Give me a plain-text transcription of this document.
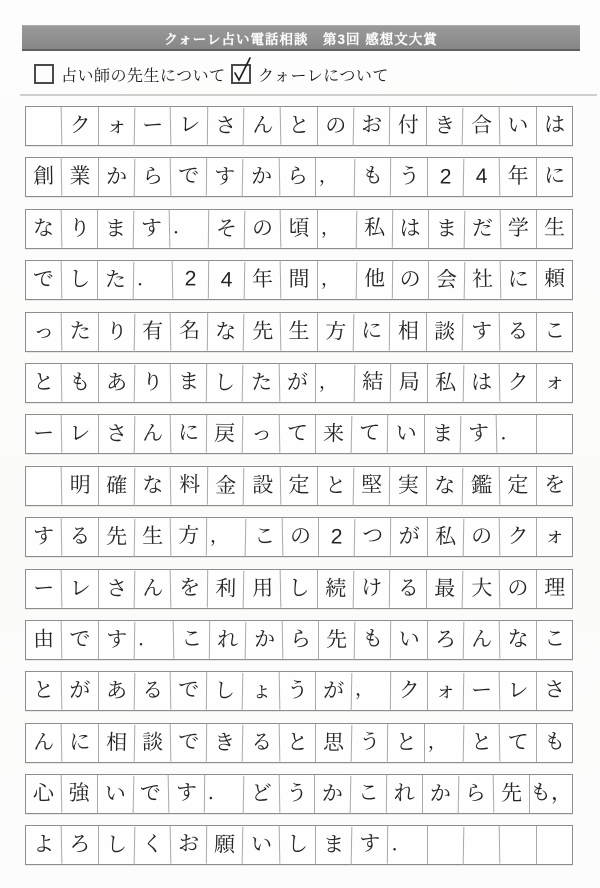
クォーレ占い電話相談　第3回 感想文大賞
占い師の先生について クォーレについて
ク ォ ー レ さ ん と の お 付 き 合 い は
創 業 か ら で す か ら ，	も う 2	4 年 に
な り ま す ．	そ の 頃 ，	私 は ま だ 学 生
で し た ．	2	4 年 間 ，	他 の 会 社 に 頼
っ た り 有 名 な 先 生 方 に 相 談 す る こ
と も あ り ま し た が ，	結 局 私 は ク ォ
ー レ さ ん に 戻 っ て 来 て い ま す ．
明 確 な 料 金 設 定 と 堅 実 な 鑑 定 を
す る 先 生 方 ，	こ の 2 つ が 私 の ク ォ
ー レ さ ん を 利 用 し 続 け る 最 大 の 理
由 で す ．	こ れ か ら 先 も い ろ ん な こ
と が あ る で し ょ う が ，	ク ォ ー レ さ
ん に 相 談 で き る と 思 う と ，	と て も
心 強 い で す ．	ど う か こ れ か ら 先 も，
よ ろ し く お 願 い し ま す ．
